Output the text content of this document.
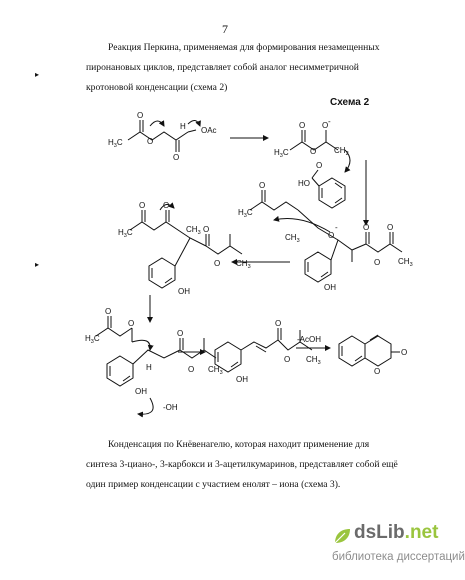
7

Реакция Перкина, применяемая для формирования незамещенных
пиронановых циклов, представляет собой аналог несимметричной
кротоновой конденсации (схема 2)

▸
▸
Схема 2
O
O
O
$H_3C$
H OAc
O O -
O
$H_3C$	$CH_2$
O
HO
O
$H_3C$
$CH_3$
O
-
OH
O O
O $CH_3$
O O
$H_3C$	$CH_3$
OH
O
O $CH_3$
O
O
$H_3C$
OH
H
O
O $CH_3$
-OH
O
OH
O $CH_3$
-AcOH
O
O

Конденсация по Кнёвенагелю, которая находит применение для
синтеза 3-циано-, 3-карбокси и 3-ацетилкумаринов, представляет собой ещё
один пример конденсации с участием енолят – иона (схема 3).

dsLib.net
библиотека диссертаций
